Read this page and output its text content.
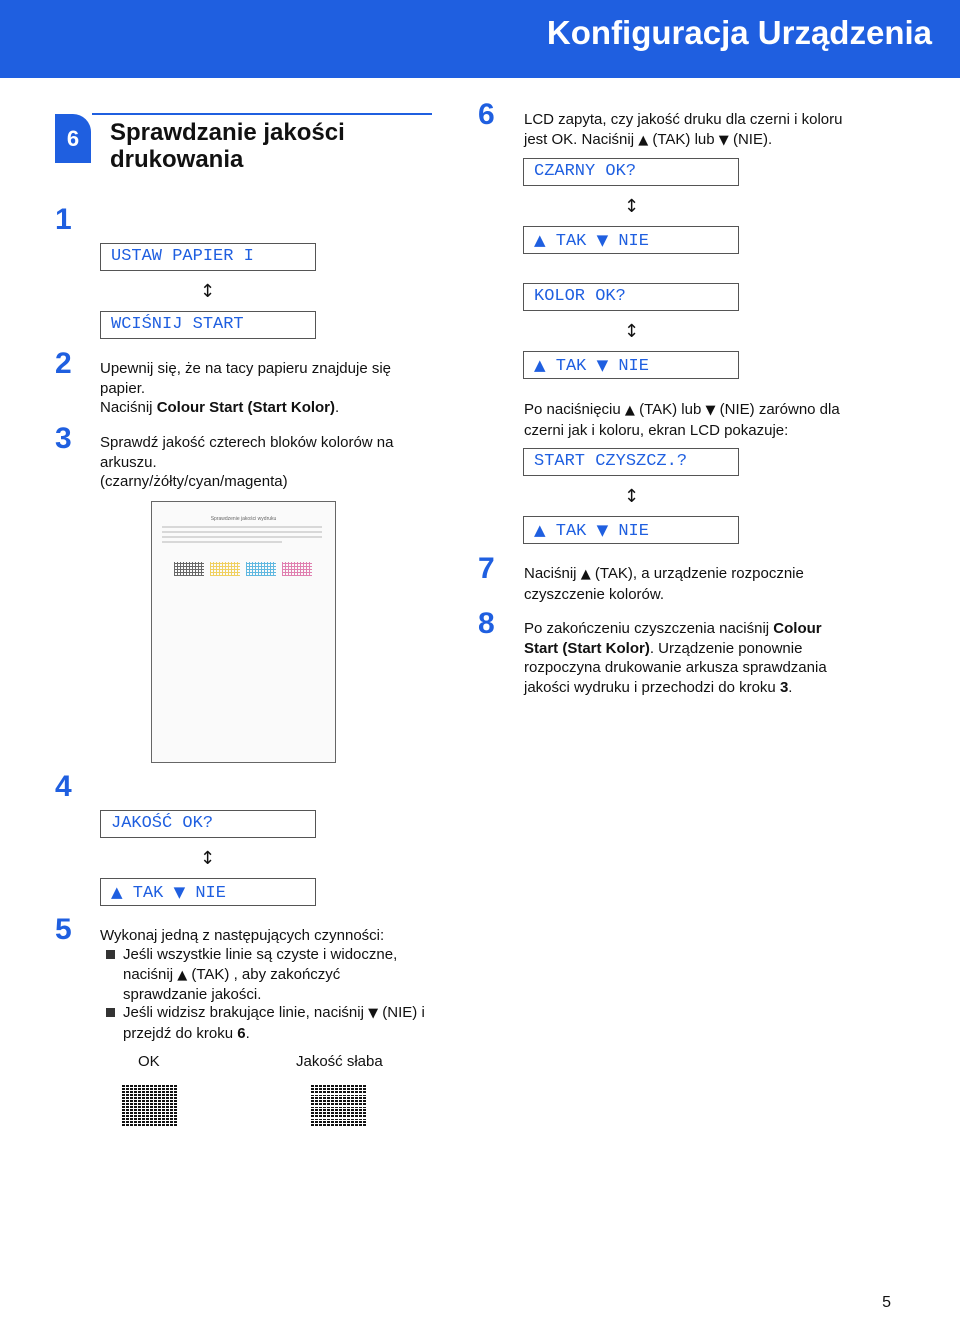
Konfiguracja Urządzenia
6	Sprawdzanie jakości drukowania
1
USTAW PAPIER I
↕
WCIŚNIJ START
2 Upewnij się, że na tacy papieru znajduje się papier.
Naciśnij Colour Start (Start Kolor).
3 Sprawdź jakość czterech bloków kolorów na arkuszu.
(czarny/żółty/cyan/magenta)
Sprawdzenie jakości wydruku
4
JAKOŚĆ OK?
↕
▲ TAK ▼ NIE
5 Wykonaj jedną z następujących czynności:
Jeśli wszystkie linie są czyste i widoczne, naciśnij ▲ (TAK) , aby zakończyć sprawdzanie jakości.
Jeśli widzisz brakujące linie, naciśnij ▼ (NIE) i przejdź do kroku 6.
OK	Jakość słaba
6 LCD zapyta, czy jakość druku dla czerni i koloru jest OK. Naciśnij ▲ (TAK) lub ▼ (NIE).
CZARNY OK?
↕
▲ TAK ▼ NIE
KOLOR OK?
↕
▲ TAK ▼ NIE
Po naciśnięciu ▲ (TAK) lub ▼ (NIE) zarówno dla czerni jak i koloru, ekran LCD pokazuje:
START CZYSZCZ.?
↕
▲ TAK ▼ NIE
7 Naciśnij ▲ (TAK), a urządzenie rozpocznie czyszczenie kolorów.
8 Po zakończeniu czyszczenia naciśnij Colour Start (Start Kolor). Urządzenie ponownie rozpoczyna drukowanie arkusza sprawdzania jakości wydruku i przechodzi do kroku 3.
5
